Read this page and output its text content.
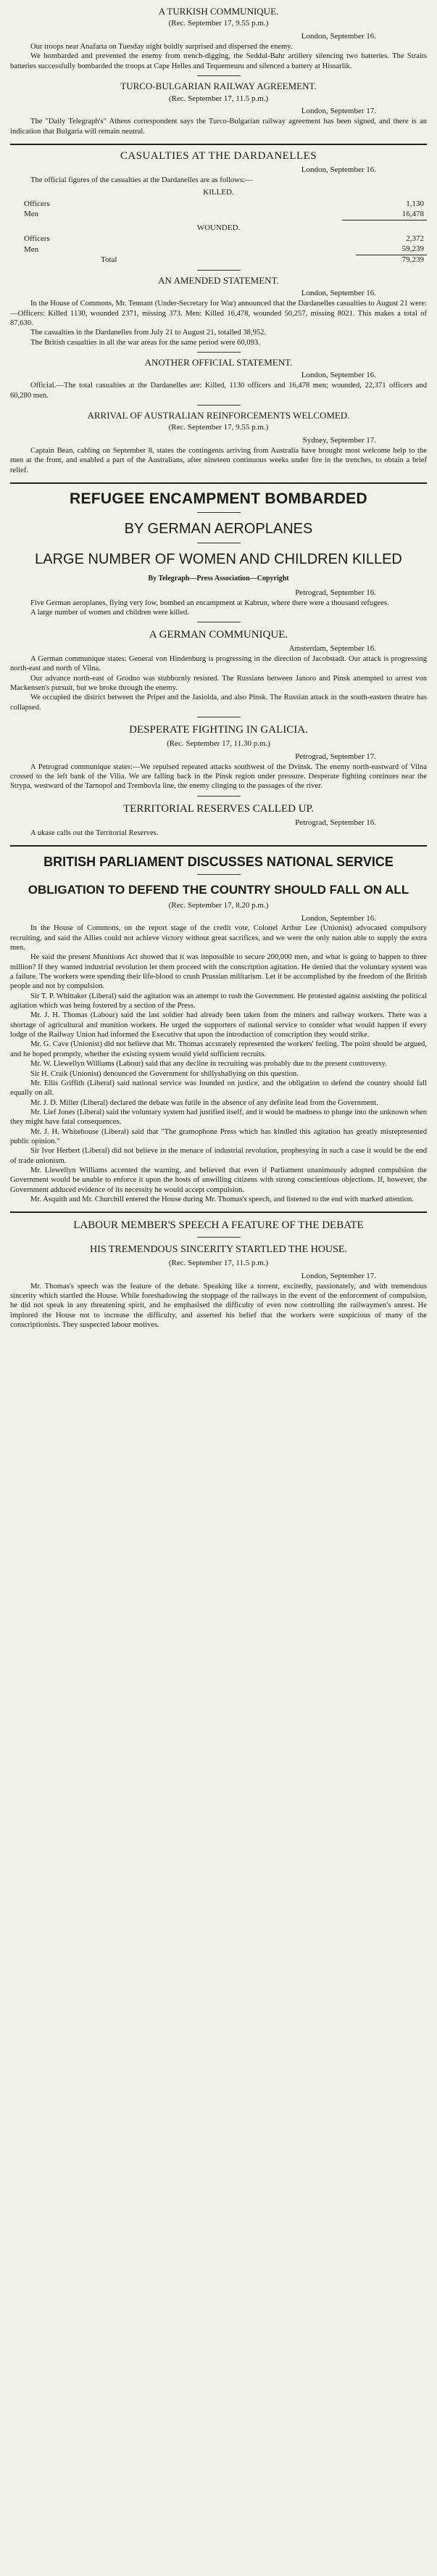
A TURKISH COMMUNIQUE.
(Rec. September 17, 9.55 p.m.)
London, September 16.

Our troops near Anafarta on Tuesday night boldly surprised and dispersed the enemy.

We bombarded and prevented the enemy from trench-digging, the Seddul-Bahr artillery silencing two batteries. The Straits batteries successfully bombarded the troops at Cape Helles and Tequemeuru and silenced a battery at Hissarlik.

TURCO-BULGARIAN RAILWAY AGREEMENT.
(Rec. September 17, 11.5 p.m.)
London, September 17.

The "Daily Telegraph's" Athens correspondent says the Turco-Bulgarian railway agreement has been signed, and there is an indication that Bulgaria will remain neutral.

CASUALTIES AT THE DARDANELLES
London, September 16.

The official figures of the casualties at the Dardanelles are as follows:—

KILLED.
Officers	1,130
Men	16,478
WOUNDED.
Officers	2,372
Men	59,239
Total	79,239
AN AMENDED STATEMENT.
London, September 16.

In the House of Commons, Mr. Tennant (Under-Secretary for War) announced that the Dardanelles casualties to August 21 were:—Officers: Killed 1130, wounded 2371, missing 373. Men: Killed 16,478, wounded 50,257, missing 8021. This makes a total of 87,630.

The casualties in the Dardanelles from July 21 to August 21, totalled 38,952.

The British casualties in all the war areas for the same period were 60,093.

ANOTHER OFFICIAL STATEMENT.
London, September 16.

Official.—The total casualties at the Dardanelles are: Killed, 1130 officers and 16,478 men; wounded, 22,371 officers and 60,280 men.

ARRIVAL OF AUSTRALIAN REINFORCEMENTS WELCOMED.
(Rec. September 17, 9.55 p.m.)
Sydney, September 17.

Captain Bean, cabling on September 8, states the contingents arriving from Australia have brought most welcome help to the men at the front, and enabled a part of the Australians, after nineteen continuous weeks under fire in the trenches, to obtain a brief relief.

REFUGEE ENCAMPMENT BOMBARDED
BY GERMAN AEROPLANES
LARGE NUMBER OF WOMEN AND CHILDREN KILLED
By Telegraph—Press Association—Copyright
Petrograd, September 16.

Five German aeroplanes, flying very low, bombed an encampment at Kabrun, where there were a thousand refugees.

A large number of women and children were killed.

A GERMAN COMMUNIQUE.
Amsterdam, September 16.

A German communique states: General von Hindenburg is progressing in the direction of Jacobstadt. Our attack is progressing north-east and north of Vilna.

Our advance north-east of Grodno was stubbornly resisted. The Russians between Janoro and Pinsk attempted to arrest von Mackensen's pursuit, but we broke through the enemy.

We occupied the district between the Pripet and the Jasiolda, and also Pinsk. The Russian attack in the south-eastern theatre has collapsed.

DESPERATE FIGHTING IN GALICIA.
(Rec. September 17, 11.30 p.m.)
Petrograd, September 17.

A Petrograd communique states:—We repulsed repeated attacks southwest of the Dvinsk. The enemy north-eastward of Vilna crossed to the left bank of the Vilia. We are falling back in the Pinsk region under pressure. Desperate fighting continues near the Strypa, westward of the Tarnopol and Trembovla line, the enemy clinging to the passages of the river.

TERRITORIAL RESERVES CALLED UP.
Petrograd, September 16.

A ukase calls out the Territorial Reserves.

BRITISH PARLIAMENT DISCUSSES NATIONAL SERVICE
OBLIGATION TO DEFEND THE COUNTRY SHOULD FALL ON ALL
(Rec. September 17, 8.20 p.m.)
London, September 16.

In the House of Commons, on the report stage of the credit vote, Colonel Arthur Lee (Unionist) advocated compulsory recruiting, and said the Allies could not achieve victory without great sacrifices, and we were the only nation able to supply the extra men.

He said the present Munitions Act showed that it was impossible to secure 200,000 men, and what is going to happen to three million? If they wanted industrial revolution let them proceed with the conscription agitation. He denied that the voluntary system was a failure. The workers were spending their life-blood to crush Prussian militarism. Let it be accomplished by the freedom of the British people and not by compulsion.

Sir T. P. Whittaker (Liberal) said the agitation was an attempt to rush the Government. He protested against assisting the political agitation which was being fostered by a section of the Press.

Mr. J. H. Thomas (Labour) said the last soldier had already been taken from the miners and railway workers. There was a shortage of agricultural and munition workers. He urged the supporters of national service to consider what would happen if every lodge of the Railway Union had informed the Executive that upon the introduction of conscription they would strike.

Mr. G. Cave (Unionist) did not believe that Mr. Thomas accurately represented the workers' feeling. The point should be argued, and he hoped promptly, whether the existing system would yield sufficient recruits.

Mr. W. Llewellyn Williams (Labour) said that any decline in recruiting was probably due to the present controversy.

Sir H. Craik (Unionist) denounced the Government for shillyshallying on this question.

Mr. Ellis Griffith (Liberal) said national service was founded on justice, and the obligation to defend the country should fall equally on all.

Mr. J. D. Miller (Liberal) declared the debate was futile in the absence of any definite lead from the Government.

Mr. Lief Jones (Liberal) said the voluntary system had justified itself, and it would be madness to plunge into the unknown when they might have fatal consequences.

Mr. J. H. Whitehouse (Liberal) said that "The gramophone Press which has kindled this agitation has greatly misrepresented public opinion."

Sir Ivor Herbert (Liberal) did not believe in the menace of industrial revolution, prophesying in such a case it would be the end of trade unionism.

Mr. Llewellyn Williams accented the warning, and believed that even if Parliament unanimously adopted compulsion the Government would be unable to enforce it upon the hosts of unwilling citizens with strong conscientious objections. If, however, the Government adduced evidence of its necessity he would accept compulsion.

Mr. Asquith and Mr. Churchill entered the House during Mr. Thomas's speech, and listened to the end with marked attention.

LABOUR MEMBER'S SPEECH A FEATURE OF THE DEBATE
HIS TREMENDOUS SINCERITY STARTLED THE HOUSE.
(Rec. September 17, 11.5 p.m.)
London, September 17.

Mr. Thomas's speech was the feature of the debate. Speaking like a torrent, excitedly, passionately, and with tremendous sincerity which startled the House. While foreshadowing the stoppage of the railways in the event of the enforcement of compulsion, he did not speak in any threatening spirit, and he emphasised the difficulty of even now controlling the railwaymen's unrest. He implored the House not to increase the difficulty, and asserted his belief that the workers were suspicious of many of the conscriptionists. They suspected labour motives.
